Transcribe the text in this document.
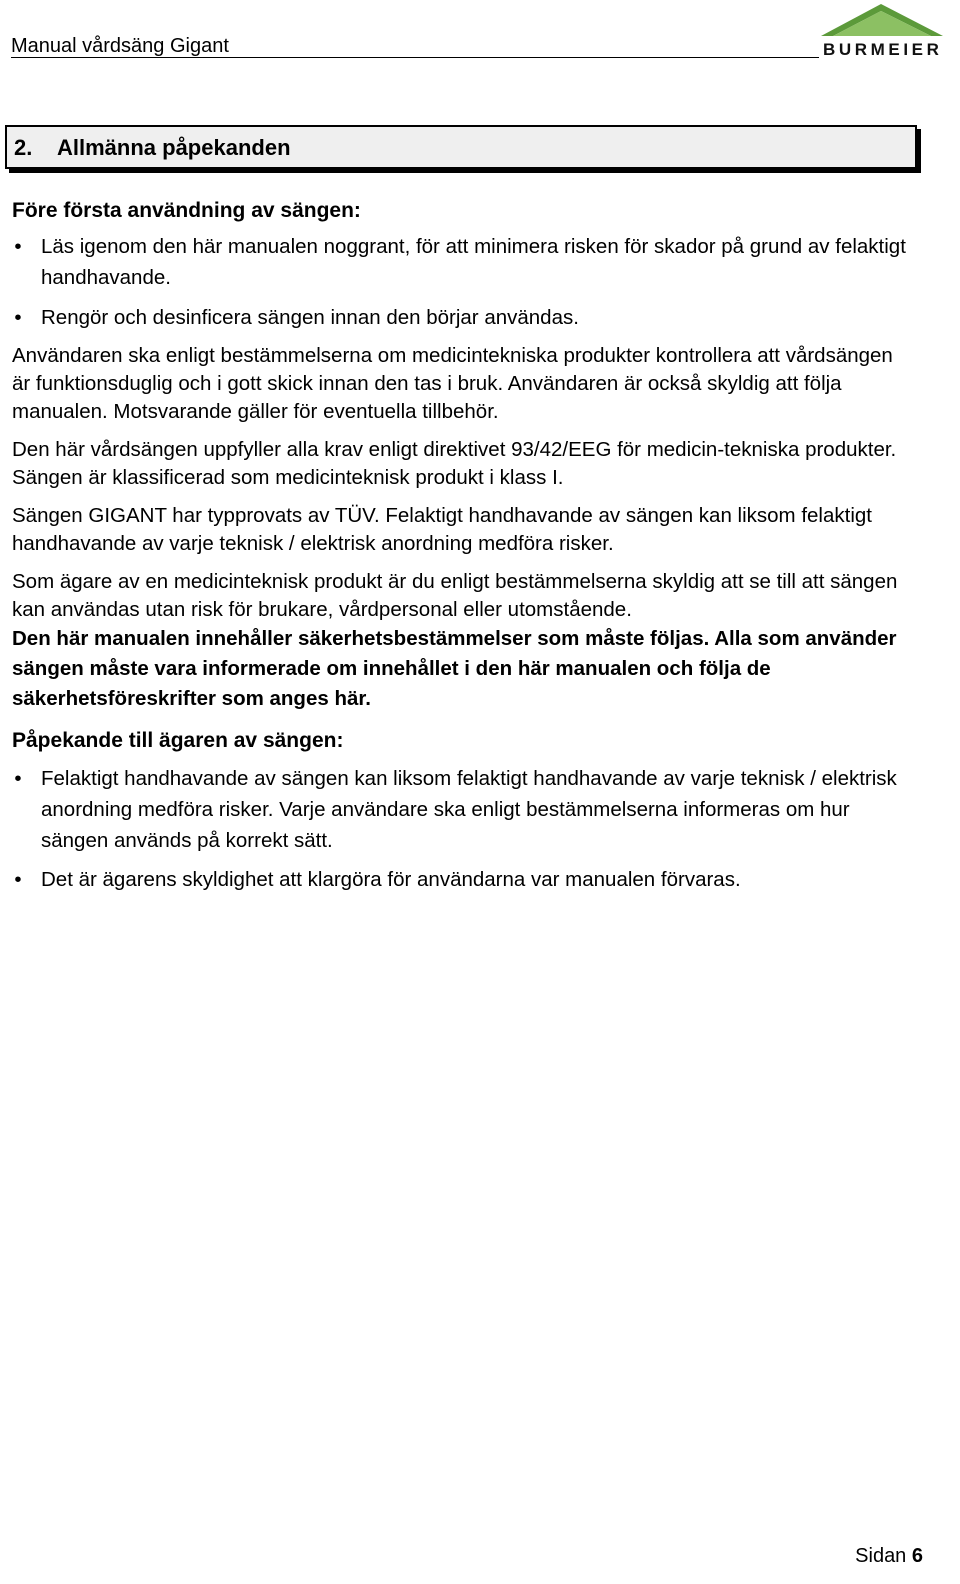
Manual vårdsäng Gigant	BURMEIER
2. Allmänna påpekanden
Före första användning av sängen:
• Läs igenom den här manualen noggrant, för att minimera risken för skador på grund av felaktigt handhavande.
• Rengör och desinficera sängen innan den börjar användas.

Användaren ska enligt bestämmelserna om medicintekniska produkter kontrollera att vårdsängen är funktionsduglig och i gott skick innan den tas i bruk. Användaren är också skyldig att följa manualen. Motsvarande gäller för eventuella tillbehör.

Den här vårdsängen uppfyller alla krav enligt direktivet 93/42/EEG för medicin-tekniska produkter. Sängen är klassificerad som medicinteknisk produkt i klass I.

Sängen GIGANT har typprovats av TÜV. Felaktigt handhavande av sängen kan liksom felaktigt handhavande av varje teknisk / elektrisk anordning medföra risker.

Som ägare av en medicinteknisk produkt är du enligt bestämmelserna skyldig att se till att sängen kan användas utan risk för brukare, vårdpersonal eller utomstående.

Den här manualen innehåller säkerhetsbestämmelser som måste följas. Alla som använder sängen måste vara informerade om innehållet i den här manualen och följa de säkerhetsföreskrifter som anges här.

Påpekande till ägaren av sängen:
• Felaktigt handhavande av sängen kan liksom felaktigt handhavande av varje teknisk / elektrisk anordning medföra risker. Varje användare ska enligt bestämmelserna informeras om hur sängen används på korrekt sätt.
• Det är ägarens skyldighet att klargöra för användarna var manualen förvaras.
Sidan 6
